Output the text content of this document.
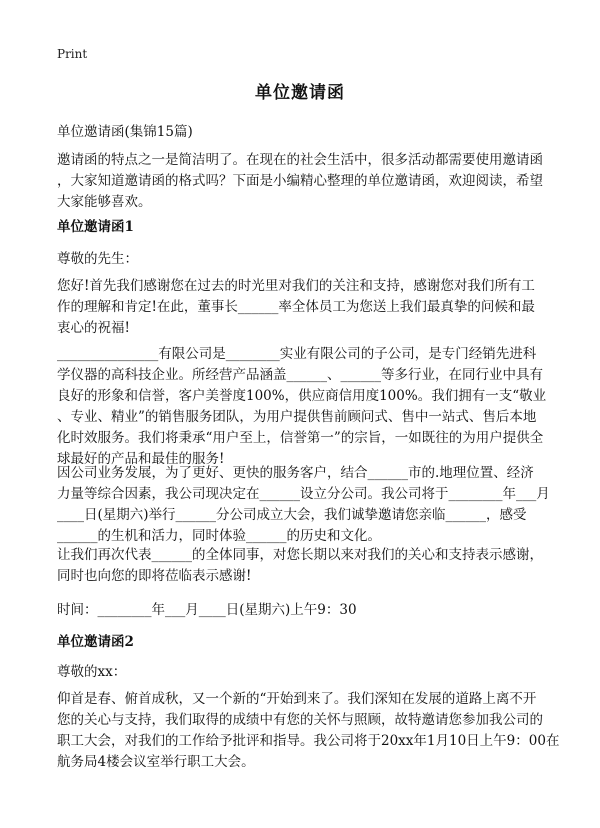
Print
单位邀请函
单位邀请函(集锦15篇)

邀请函的特点之一是简洁明了。在现在的社会生活中，很多活动都需要使用邀请函
，大家知道邀请函的格式吗？下面是小编精心整理的单位邀请函，欢迎阅读，希望
大家能够喜欢。

单位邀请函1
尊敬的先生：

您好!首先我们感谢您在过去的时光里对我们的关注和支持，感谢您对我们所有工
作的理解和肯定!在此，董事长______率全体员工为您送上我们最真挚的问候和最
衷心的祝福!

_______________有限公司是________实业有限公司的子公司，是专门经销先进科
学仪器的高科技企业。所经营产品涵盖______、______等多行业，在同行业中具有
良好的形象和信誉，客户美誉度100%，供应商信用度100%。我们拥有一支“敬业
、专业、精业”的销售服务团队，为用户提供售前顾问式、售中一站式、售后本地
化时效服务。我们将秉承“用户至上，信誉第一”的宗旨，一如既往的为用户提供全
球最好的产品和最佳的服务!

因公司业务发展，为了更好、更快的服务客户，结合______市的.地理位置、经济
力量等综合因素，我公司现决定在______设立分公司。我公司将于________年___月
____日(星期六)举行______分公司成立大会，我们诚挚邀请您亲临______，感受
______的生机和活力，同时体验______的历史和文化。

让我们再次代表______的全体同事，对您长期以来对我们的关心和支持表示感谢，
同时也向您的即将莅临表示感谢!

时间：________年___月____日(星期六)上午9：30
单位邀请函2
尊敬的xx：

仰首是春、俯首成秋，又一个新的“开始到来了。我们深知在发展的道路上离不开
您的关心与支持，我们取得的成绩中有您的关怀与照顾，故特邀请您参加我公司的
职工大会，对我们的工作给予批评和指导。我公司将于20xx年1月10日上午9：00在
航务局4楼会议室举行职工大会。
